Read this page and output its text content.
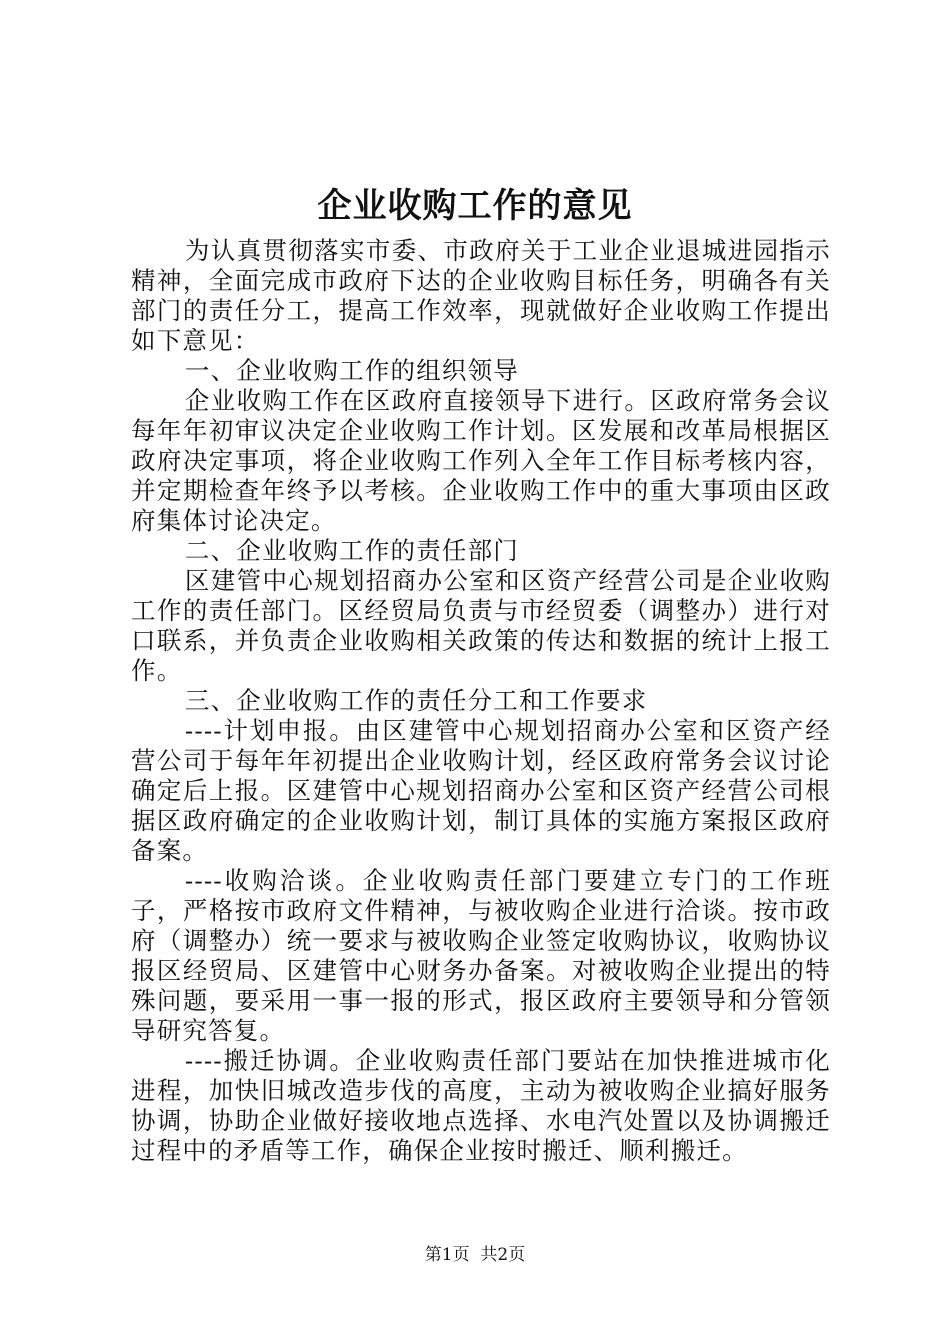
企业收购工作的意见

为认真贯彻落实市委、市政府关于工业企业退城进园指示精神，全面完成市政府下达的企业收购目标任务，明确各有关部门的责任分工，提高工作效率，现就做好企业收购工作提出如下意见：

一、企业收购工作的组织领导

企业收购工作在区政府直接领导下进行。区政府常务会议每年年初审议决定企业收购工作计划。区发展和改革局根据区政府决定事项，将企业收购工作列入全年工作目标考核内容，并定期检查年终予以考核。企业收购工作中的重大事项由区政府集体讨论决定。

二、企业收购工作的责任部门

区建管中心规划招商办公室和区资产经营公司是企业收购工作的责任部门。区经贸局负责与市经贸委（调整办）进行对口联系，并负责企业收购相关政策的传达和数据的统计上报工作。

三、企业收购工作的责任分工和工作要求

----计划申报。由区建管中心规划招商办公室和区资产经营公司于每年年初提出企业收购计划，经区政府常务会议讨论确定后上报。区建管中心规划招商办公室和区资产经营公司根据区政府确定的企业收购计划，制订具体的实施方案报区政府备案。

----收购洽谈。企业收购责任部门要建立专门的工作班子，严格按市政府文件精神，与被收购企业进行洽谈。按市政府（调整办）统一要求与被收购企业签定收购协议，收购协议报区经贸局、区建管中心财务办备案。对被收购企业提出的特殊问题，要采用一事一报的形式，报区政府主要领导和分管领导研究答复。

----搬迁协调。企业收购责任部门要站在加快推进城市化进程，加快旧城改造步伐的高度，主动为被收购企业搞好服务协调，协助企业做好接收地点选择、水电汽处置以及协调搬迁过程中的矛盾等工作，确保企业按时搬迁、顺利搬迁。

第1页  共2页
